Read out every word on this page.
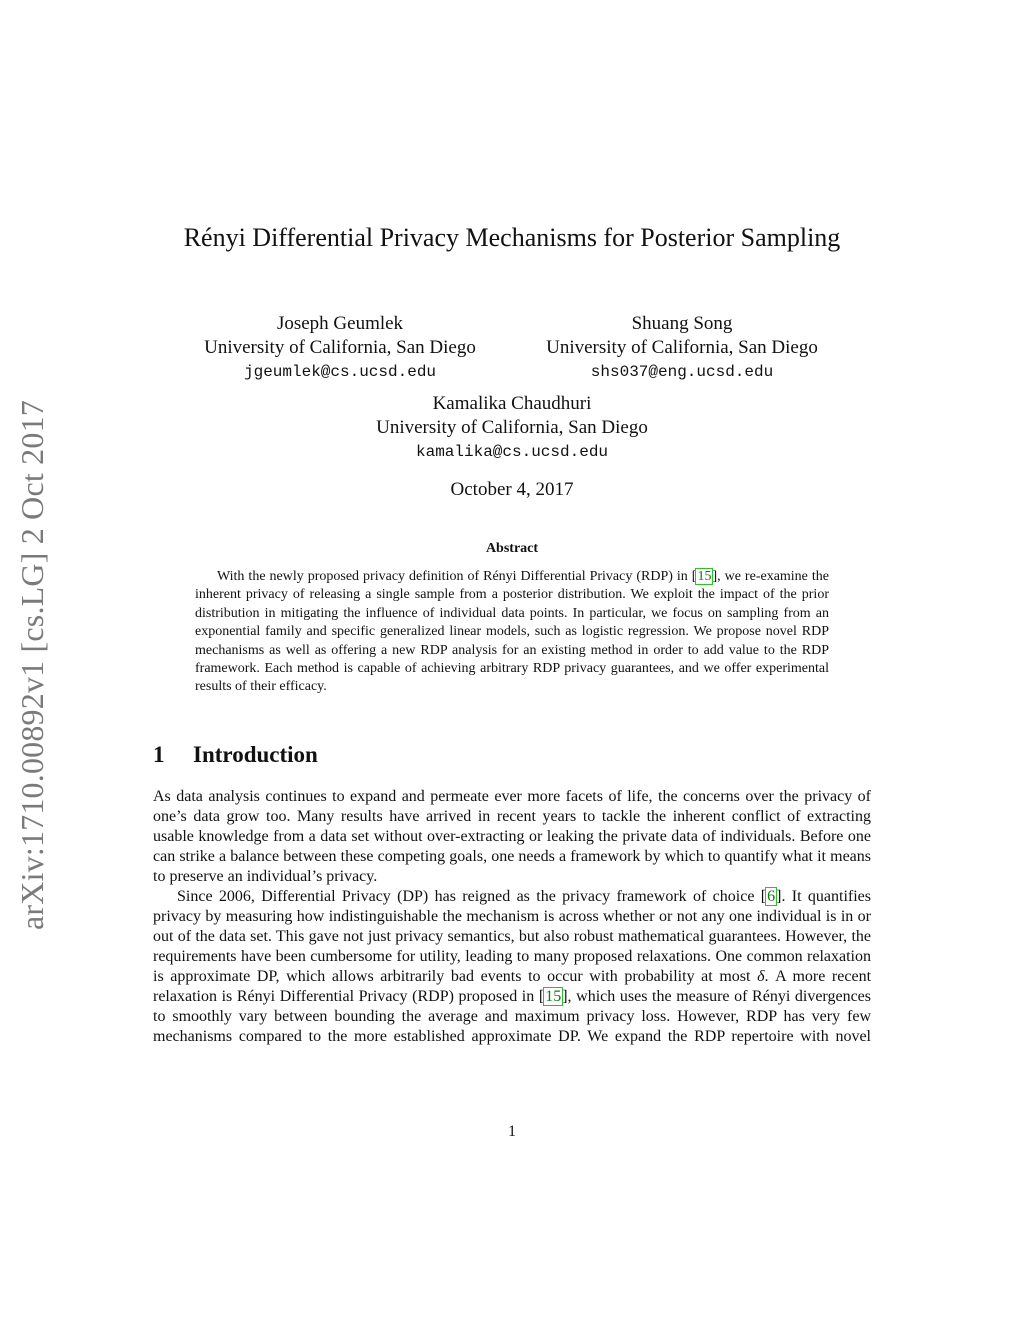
arXiv:1710.00892v1 [cs.LG] 2 Oct 2017
Rényi Differential Privacy Mechanisms for Posterior Sampling
Joseph Geumlek
University of California, San Diego
jgeumlek@cs.ucsd.edu
Shuang Song
University of California, San Diego
shs037@eng.ucsd.edu
Kamalika Chaudhuri
University of California, San Diego
kamalika@cs.ucsd.edu
October 4, 2017
Abstract
With the newly proposed privacy definition of Rényi Differential Privacy (RDP) in [15], we re-examine the inherent privacy of releasing a single sample from a posterior distribution. We exploit the impact of the prior distribution in mitigating the influence of individual data points. In particular, we focus on sampling from an exponential family and specific generalized linear models, such as logistic regression. We propose novel RDP mechanisms as well as offering a new RDP analysis for an existing method in order to add value to the RDP framework. Each method is capable of achieving arbitrary RDP privacy guarantees, and we offer experimental results of their efficacy.
1 Introduction

As data analysis continues to expand and permeate ever more facets of life, the concerns over the privacy of one’s data grow too. Many results have arrived in recent years to tackle the inherent conflict of extracting usable knowledge from a data set without over-extracting or leaking the private data of individuals. Before one can strike a balance between these competing goals, one needs a framework by which to quantify what it means to preserve an individual’s privacy.

Since 2006, Differential Privacy (DP) has reigned as the privacy framework of choice [6]. It quantifies privacy by measuring how indistinguishable the mechanism is across whether or not any one individual is in or out of the data set. This gave not just privacy semantics, but also robust mathematical guarantees. However, the requirements have been cumbersome for utility, leading to many proposed relaxations. One common relaxation is approximate DP, which allows arbitrarily bad events to occur with probability at most δ. A more recent relaxation is Rényi Differential Privacy (RDP) proposed in [15], which uses the measure of Rényi divergences to smoothly vary between bounding the average and maximum privacy loss. However, RDP has very few mechanisms compared to the more established approximate DP. We expand the RDP repertoire with novel

1
